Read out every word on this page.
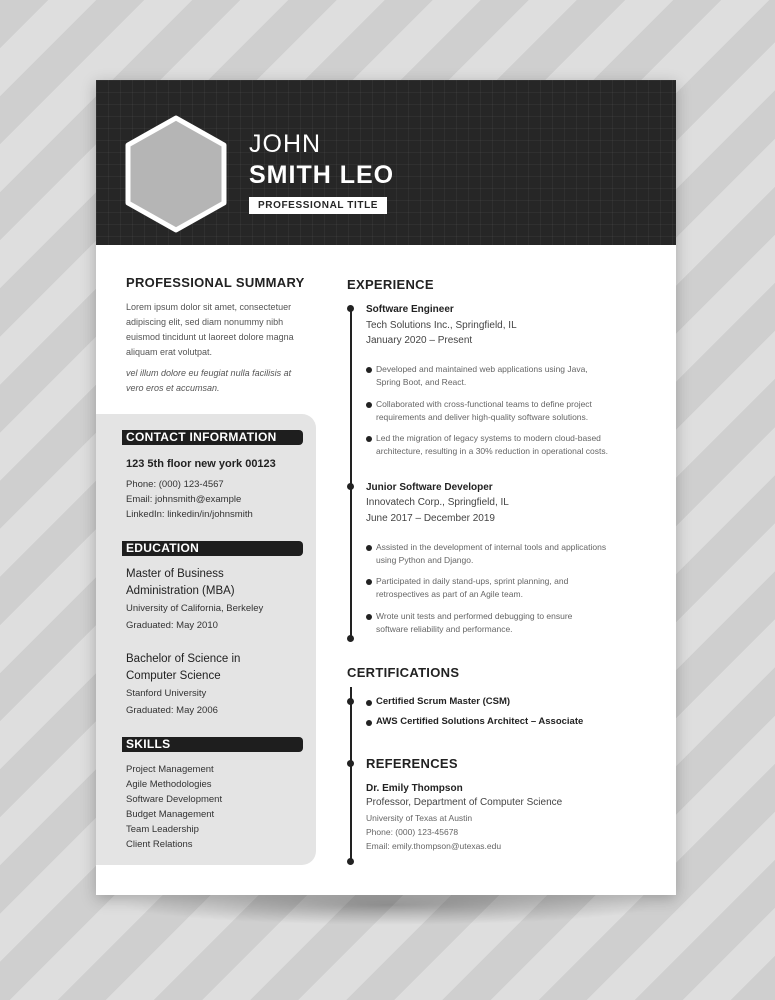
JOHN
SMITH LEO
PROFESSIONAL TITLE
PROFESSIONAL SUMMARY
Lorem ipsum dolor sit amet, consectetuer
adipiscing elit, sed diam nonummy nibh
euismod tincidunt ut laoreet dolore magna
aliquam erat volutpat.
vel illum dolore eu feugiat nulla facilisis at
vero eros et accumsan.
CONTACT INFORMATION
123 5th floor new york 00123
Phone: (000) 123-4567
Email: johnsmith@example
LinkedIn: linkedin/in/johnsmith
EDUCATION
Master of Business
Administration (MBA)
University of California, Berkeley
Graduated: May 2010
Bachelor of Science in
Computer Science
Stanford University
Graduated: May 2006
SKILLS
Project Management
Agile Methodologies
Software Development
Budget Management
Team Leadership
Client Relations
EXPERIENCE
Software Engineer
Tech Solutions Inc., Springfield, IL
January 2020 – Present
Developed and maintained web applications using Java,
Spring Boot, and React.
Collaborated with cross-functional teams to define project
requirements and deliver high-quality software solutions.
Led the migration of legacy systems to modern cloud-based
architecture, resulting in a 30% reduction in operational costs.
Junior Software Developer
Innovatech Corp., Springfield, IL
June 2017 – December 2019
Assisted in the development of internal tools and applications
using Python and Django.
Participated in daily stand-ups, sprint planning, and
retrospectives as part of an Agile team.
Wrote unit tests and performed debugging to ensure
software reliability and performance.
CERTIFICATIONS
Certified Scrum Master (CSM)
AWS Certified Solutions Architect – Associate
REFERENCES
Dr. Emily Thompson
Professor, Department of Computer Science
University of Texas at Austin
Phone: (000) 123-45678
Email: emily.thompson@utexas.edu
